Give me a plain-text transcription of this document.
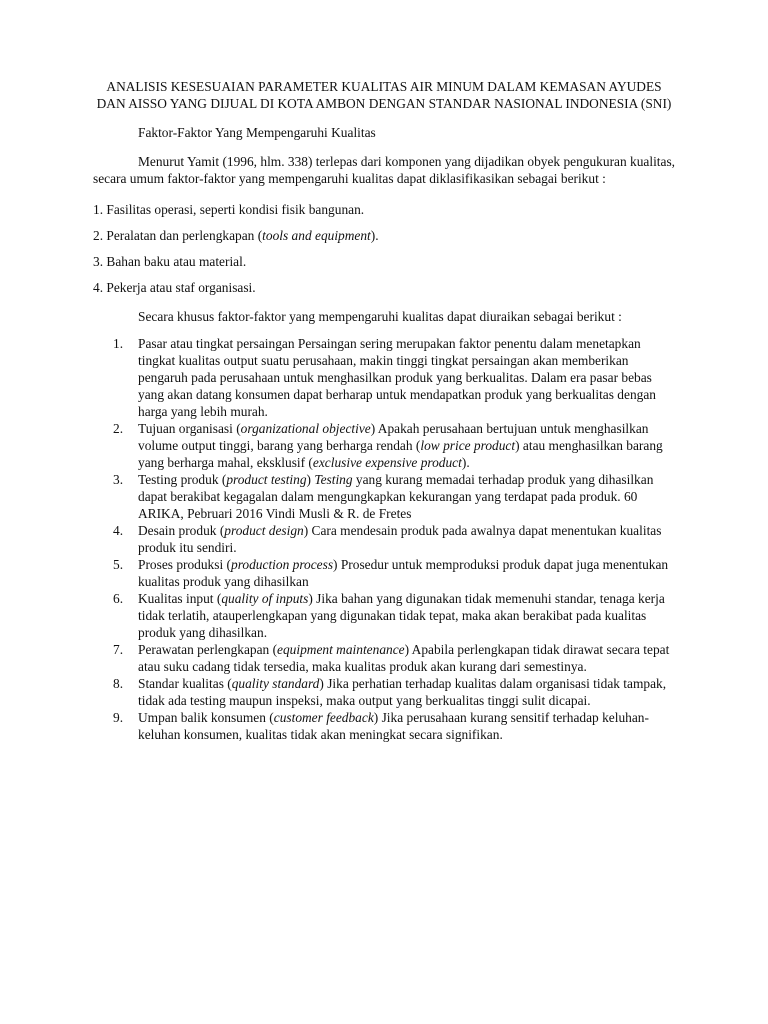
ANALISIS KESESUAIAN PARAMETER KUALITAS AIR MINUM DALAM KEMASAN AYUDES DAN AISSO YANG DIJUAL DI KOTA AMBON DENGAN STANDAR NASIONAL INDONESIA (SNI)

Faktor-Faktor Yang Mempengaruhi Kualitas

Menurut Yamit (1996, hlm. 338) terlepas dari komponen yang dijadikan obyek pengukuran kualitas, secara umum faktor-faktor yang mempengaruhi kualitas dapat diklasifikasikan sebagai berikut :

1. Fasilitas operasi, seperti kondisi fisik bangunan.
2. Peralatan dan perlengkapan (tools and equipment).
3. Bahan baku atau material.
4. Pekerja atau staf organisasi.

Secara khusus faktor-faktor yang mempengaruhi kualitas dapat diuraikan sebagai berikut :

1.	Pasar atau tingkat persaingan Persaingan sering merupakan faktor penentu dalam menetapkan tingkat kualitas output suatu perusahaan, makin tinggi tingkat persaingan akan memberikan pengaruh pada perusahaan untuk menghasilkan produk yang berkualitas. Dalam era pasar bebas yang akan datang konsumen dapat berharap untuk mendapatkan produk yang berkualitas dengan harga yang lebih murah.
2.	Tujuan organisasi (organizational objective) Apakah perusahaan bertujuan untuk menghasilkan volume output tinggi, barang yang berharga rendah (low price product) atau menghasilkan barang yang berharga mahal, eksklusif (exclusive expensive product).
3.	Testing produk (product testing) Testing yang kurang memadai terhadap produk yang dihasilkan dapat berakibat kegagalan dalam mengungkapkan kekurangan yang terdapat pada produk. 60 ARIKA, Pebruari 2016 Vindi Musli & R. de Fretes
4.	Desain produk (product design) Cara mendesain produk pada awalnya dapat menentukan kualitas produk itu sendiri.
5.	Proses produksi (production process) Prosedur untuk memproduksi produk dapat juga menentukan kualitas produk yang dihasilkan
6.	Kualitas input (quality of inputs) Jika bahan yang digunakan tidak memenuhi standar, tenaga kerja tidak terlatih, atauperlengkapan yang digunakan tidak tepat, maka akan berakibat pada kualitas produk yang dihasilkan.
7.	Perawatan perlengkapan (equipment maintenance) Apabila perlengkapan tidak dirawat secara tepat atau suku cadang tidak tersedia, maka kualitas produk akan kurang dari semestinya.
8.	Standar kualitas (quality standard) Jika perhatian terhadap kualitas dalam organisasi tidak tampak, tidak ada testing maupun inspeksi, maka output yang berkualitas tinggi sulit dicapai.
9.	Umpan balik konsumen (customer feedback) Jika perusahaan kurang sensitif terhadap keluhan-keluhan konsumen, kualitas tidak akan meningkat secara signifikan.
